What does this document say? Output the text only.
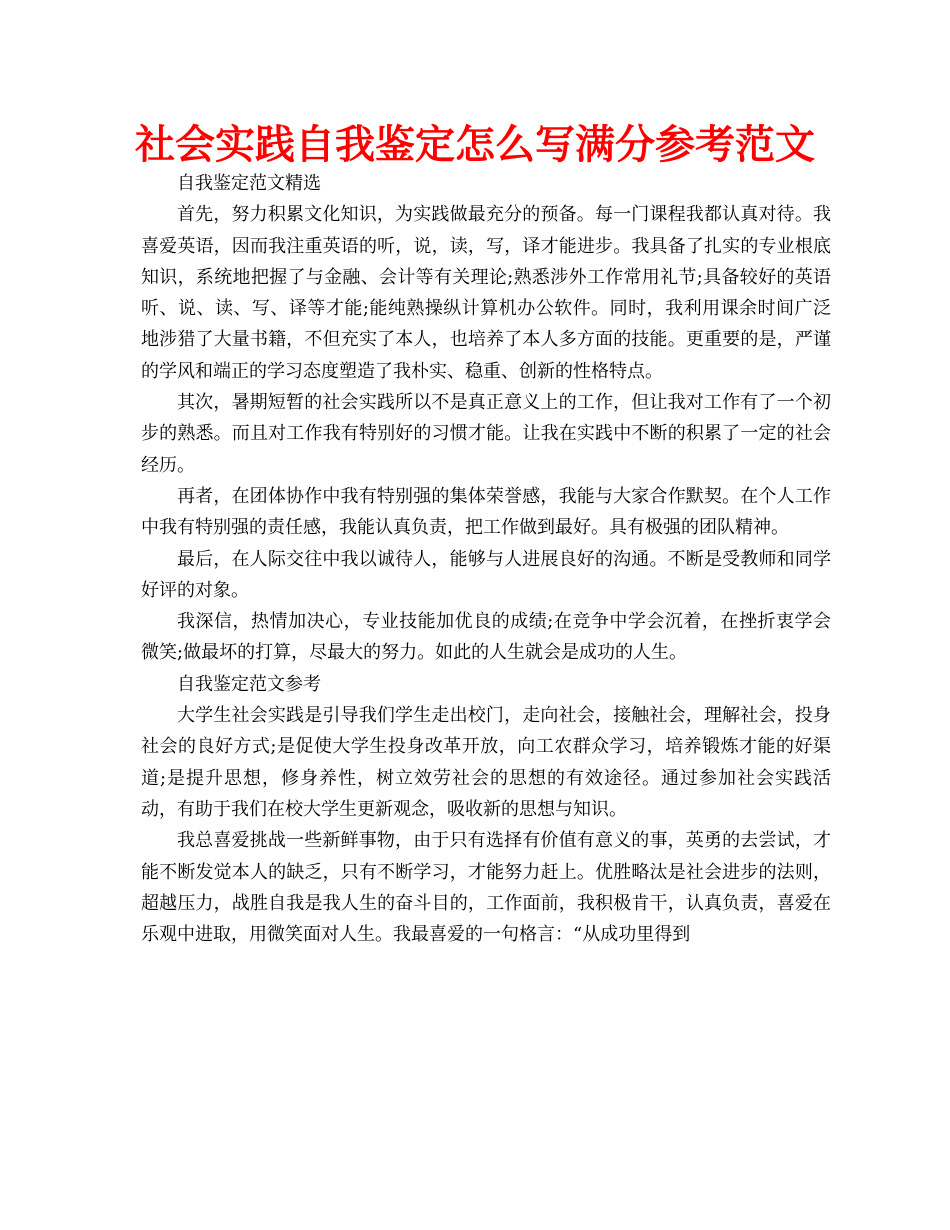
社会实践自我鉴定怎么写满分参考范文

自我鉴定范文精选

首先，努力积累文化知识，为实践做最充分的预备。每一门课程我都认真对待。我喜爱英语，因而我注重英语的听，说，读，写，译才能进步。我具备了扎实的专业根底知识，系统地把握了与金融、会计等有关理论;熟悉涉外工作常用礼节;具备较好的英语听、说、读、写、译等才能;能纯熟操纵计算机办公软件。同时，我利用课余时间广泛地涉猎了大量书籍，不但充实了本人，也培养了本人多方面的技能。更重要的是，严谨的学风和端正的学习态度塑造了我朴实、稳重、创新的性格特点。

其次，暑期短暂的社会实践所以不是真正意义上的工作，但让我对工作有了一个初步的熟悉。而且对工作我有特别好的习惯才能。让我在实践中不断的积累了一定的社会经历。

再者，在团体协作中我有特别强的集体荣誉感，我能与大家合作默契。在个人工作中我有特别强的责任感，我能认真负责，把工作做到最好。具有极强的团队精神。

最后，在人际交往中我以诚待人，能够与人进展良好的沟通。不断是受教师和同学好评的对象。

我深信，热情加决心，专业技能加优良的成绩;在竞争中学会沉着，在挫折衷学会微笑;做最坏的打算，尽最大的努力。如此的人生就会是成功的人生。

自我鉴定范文参考

大学生社会实践是引导我们学生走出校门，走向社会，接触社会，理解社会，投身社会的良好方式;是促使大学生投身改革开放，向工农群众学习，培养锻炼才能的好渠道;是提升思想，修身养性，树立效劳社会的思想的有效途径。通过参加社会实践活动，有助于我们在校大学生更新观念，吸收新的思想与知识。

我总喜爱挑战一些新鲜事物，由于只有选择有价值有意义的事，英勇的去尝试，才能不断发觉本人的缺乏，只有不断学习，才能努力赶上。优胜略汰是社会进步的法则，超越压力，战胜自我是我人生的奋斗目的，工作面前，我积极肯干，认真负责，喜爱在乐观中进取，用微笑面对人生。我最喜爱的一句格言：“从成功里得到
